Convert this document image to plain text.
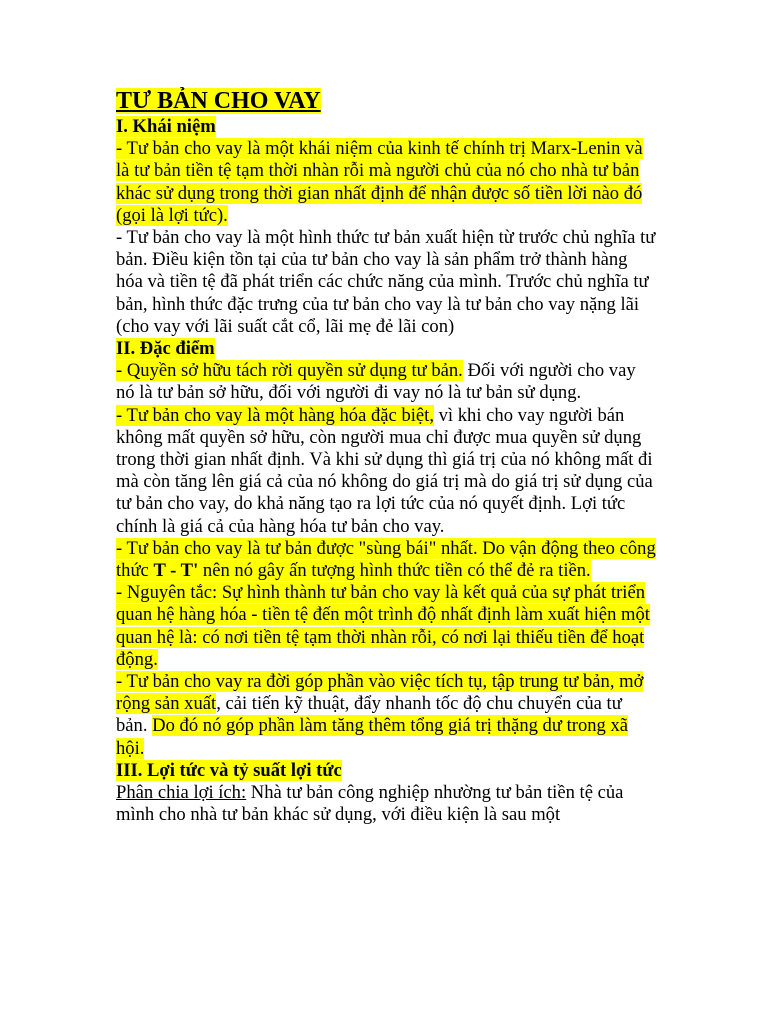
TƯ BẢN CHO VAY

I. Khái niệm

- Tư bản cho vay là một khái niệm của kinh tế chính trị Marx-Lenin và là tư bản tiền tệ tạm thời nhàn rỗi mà người chủ của nó cho nhà tư bản khác sử dụng trong thời gian nhất định để nhận được số tiền lời nào đó (gọi là lợi tức).

- Tư bản cho vay là một hình thức tư bản xuất hiện từ trước chủ nghĩa tư bản. Điều kiện tồn tại của tư bản cho vay là sản phẩm trở thành hàng hóa và tiền tệ đã phát triển các chức năng của mình. Trước chủ nghĩa tư bản, hình thức đặc trưng của tư bản cho vay là tư bản cho vay nặng lãi (cho vay với lãi suất cắt cổ, lãi mẹ đẻ lãi con)

II. Đặc điểm

- Quyền sở hữu tách rời quyền sử dụng tư bản. Đối với người cho vay nó là tư bản sở hữu, đối với người đi vay nó là tư bản sử dụng.

- Tư bản cho vay là một hàng hóa đặc biệt, vì khi cho vay người bán không mất quyền sở hữu, còn người mua chỉ được mua quyền sử dụng trong thời gian nhất định. Và khi sử dụng thì giá trị của nó không mất đi mà còn tăng lên giá cả của nó không do giá trị mà do giá trị sử dụng của tư bản cho vay, do khả năng tạo ra lợi tức của nó quyết định. Lợi tức chính là giá cả của hàng hóa tư bản cho vay.

- Tư bản cho vay là tư bản được "sùng bái" nhất. Do vận động theo công thức T - T' nên nó gây ấn tượng hình thức tiền có thể đẻ ra tiền.

- Nguyên tắc: Sự hình thành tư bản cho vay là kết quả của sự phát triển quan hệ hàng hóa - tiền tệ đến một trình độ nhất định làm xuất hiện một quan hệ là: có nơi tiền tệ tạm thời nhàn rỗi, có nơi lại thiếu tiền để hoạt động.

- Tư bản cho vay ra đời góp phần vào việc tích tụ, tập trung tư bản, mở rộng sản xuất, cải tiến kỹ thuật, đẩy nhanh tốc độ chu chuyển của tư bản. Do đó nó góp phần làm tăng thêm tổng giá trị thặng dư trong xã hội.

III. Lợi tức và tỷ suất lợi tức

Phân chia lợi ích: Nhà tư bản công nghiệp nhường tư bản tiền tệ của mình cho nhà tư bản khác sử dụng, với điều kiện là sau một
